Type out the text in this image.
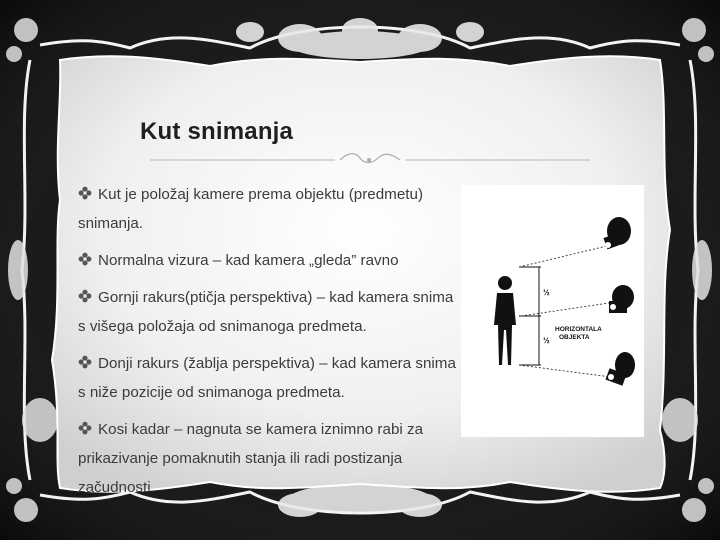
Kut snimanja

Kut je položaj kamere prema objektu (predmetu) snimanja.

Normalna vizura – kad kamera „gleda” ravno

Gornji rakurs(ptičja perspektiva) – kad kamera snima s višega položaja od snimanoga predmeta.

Donji rakurs (žablja perspektiva) – kad kamera snima s niže pozicije od snimanoga predmeta.

Kosi kadar – nagnuta se kamera iznimno rabi za prikazivanje pomaknutih stanja ili radi postizanja začudnosti.

½
½
HORIZONTALA
OBJEKTA
